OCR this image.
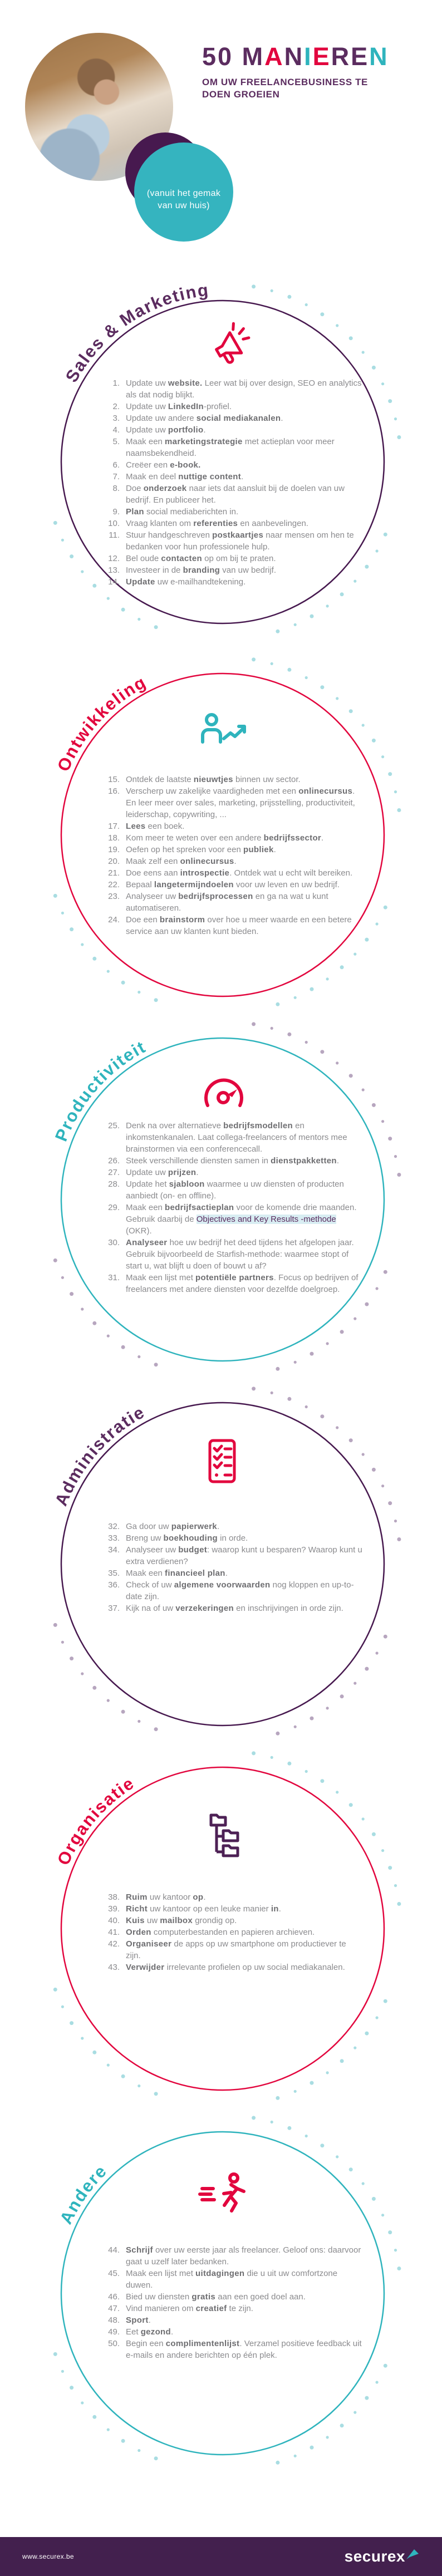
(vanuit het gemak
van uw huis)
50 MANIEREN
OM UW FREELANCEBUSINESS TE
DOEN GROEIEN
Sales & Marketing
1. Update uw website. Leer wat bij over design, SEO en analytics als dat nodig blijkt.
2. Update uw LinkedIn-profiel.
3. Update uw andere social mediakanalen.
4. Update uw portfolio.
5. Maak een marketingstrategie met actieplan voor meer naamsbekendheid.
6. Creëer een e-book.
7. Maak en deel nuttige content.
8. Doe onderzoek naar iets dat aansluit bij de doelen van uw bedrijf. En publiceer het.
9. Plan social mediaberichten in.
10. Vraag klanten om referenties en aanbevelingen.
11. Stuur handgeschreven postkaartjes naar mensen om hen te bedanken voor hun professionele hulp.
12. Bel oude contacten op om bij te praten.
13. Investeer in de branding van uw bedrijf.
14. Update uw e-mailhandtekening.
Ontwikkeling
15. Ontdek de laatste nieuwtjes binnen uw sector.
16. Verscherp uw zakelijke vaardigheden met een onlinecursus. En leer meer over sales, marketing, prijsstelling, productiviteit, leiderschap, copywriting, ...
17. Lees een boek.
18. Kom meer te weten over een andere bedrijfssector.
19. Oefen op het spreken voor een publiek.
20. Maak zelf een onlinecursus.
21. Doe eens aan introspectie. Ontdek wat u echt wilt bereiken.
22. Bepaal langetermijndoelen voor uw leven en uw bedrijf.
23. Analyseer uw bedrijfsprocessen en ga na wat u kunt automatiseren.
24. Doe een brainstorm over hoe u meer waarde en een betere service aan uw klanten kunt bieden.
Productiviteit
25. Denk na over alternatieve bedrijfsmodellen en inkomstenkanalen. Laat collega-freelancers of mentors mee brainstormen via een conferencecall.
26. Steek verschillende diensten samen in dienstpakketten.
27. Update uw prijzen.
28. Update het sjabloon waarmee u uw diensten of producten aanbiedt (on- en offline).
29. Maak een bedrijfsactieplan voor de komende drie maanden. Gebruik daarbij de Objectives and Key Results -methode (OKR).
30. Analyseer hoe uw bedrijf het deed tijdens het afgelopen jaar. Gebruik bijvoorbeeld de Starfish-methode: waarmee stopt of start u, wat blijft u doen of bouwt u af?
31. Maak een lijst met potentiële partners. Focus op bedrijven of freelancers met andere diensten voor dezelfde doelgroep.
Administratie
32. Ga door uw papierwerk.
33. Breng uw boekhouding in orde.
34. Analyseer uw budget: waarop kunt u besparen? Waarop kunt u extra verdienen?
35. Maak een financieel plan.
36. Check of uw algemene voorwaarden nog kloppen en up-to-date zijn.
37. Kijk na of uw verzekeringen en inschrijvingen in orde zijn.
Organisatie
38. Ruim uw kantoor op.
39. Richt uw kantoor op een leuke manier in.
40. Kuis uw mailbox grondig op.
41. Orden computerbestanden en papieren archieven.
42. Organiseer de apps op uw smartphone om productiever te zijn.
43. Verwijder irrelevante profielen op uw social mediakanalen.
Andere
44. Schrijf over uw eerste jaar als freelancer. Geloof ons: daarvoor gaat u uzelf later bedanken.
45. Maak een lijst met uitdagingen die u uit uw comfortzone duwen.
46. Bied uw diensten gratis aan een goed doel aan.
47. Vind manieren om creatief te zijn.
48. Sport.
49. Eet gezond.
50. Begin een complimentenlijst. Verzamel positieve feedback uit e-mails en andere berichten op één plek.
www.securex.be	securex
